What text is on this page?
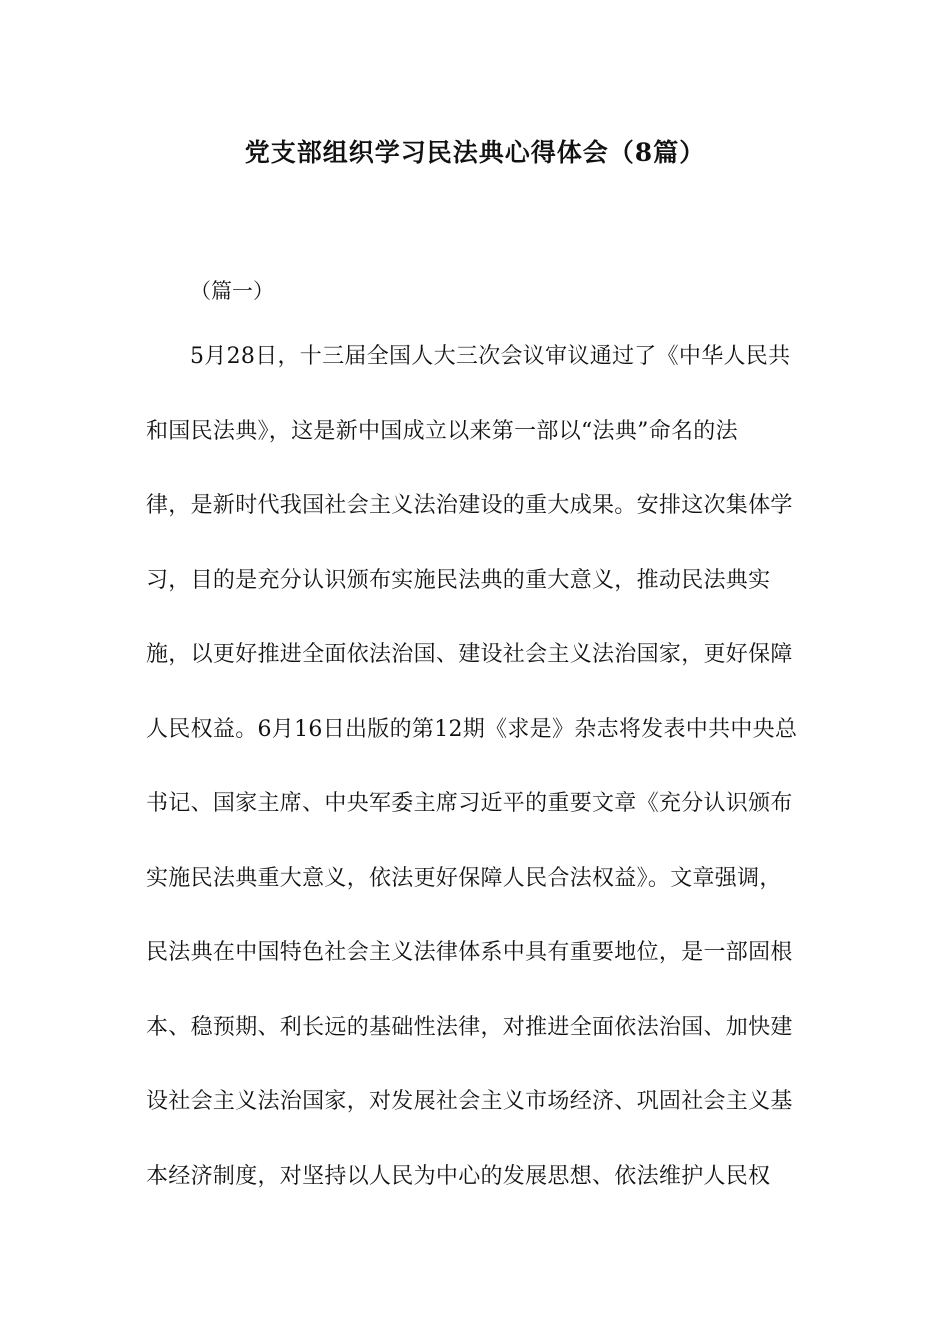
党支部组织学习民法典心得体会（8篇）
（篇一）
5月28日，十三届全国人大三次会议审议通过了《中华人民共
和国民法典》，这是新中国成立以来第一部以“法典”命名的法
律，是新时代我国社会主义法治建设的重大成果。安排这次集体学
习，目的是充分认识颁布实施民法典的重大意义，推动民法典实
施，以更好推进全面依法治国、建设社会主义法治国家，更好保障
人民权益。6月16日出版的第12期《求是》杂志将发表中共中央总
书记、国家主席、中央军委主席习近平的重要文章《充分认识颁布
实施民法典重大意义，依法更好保障人民合法权益》。文章强调，
民法典在中国特色社会主义法律体系中具有重要地位，是一部固根
本、稳预期、利长远的基础性法律，对推进全面依法治国、加快建
设社会主义法治国家，对发展社会主义市场经济、巩固社会主义基
本经济制度，对坚持以人民为中心的发展思想、依法维护人民权
